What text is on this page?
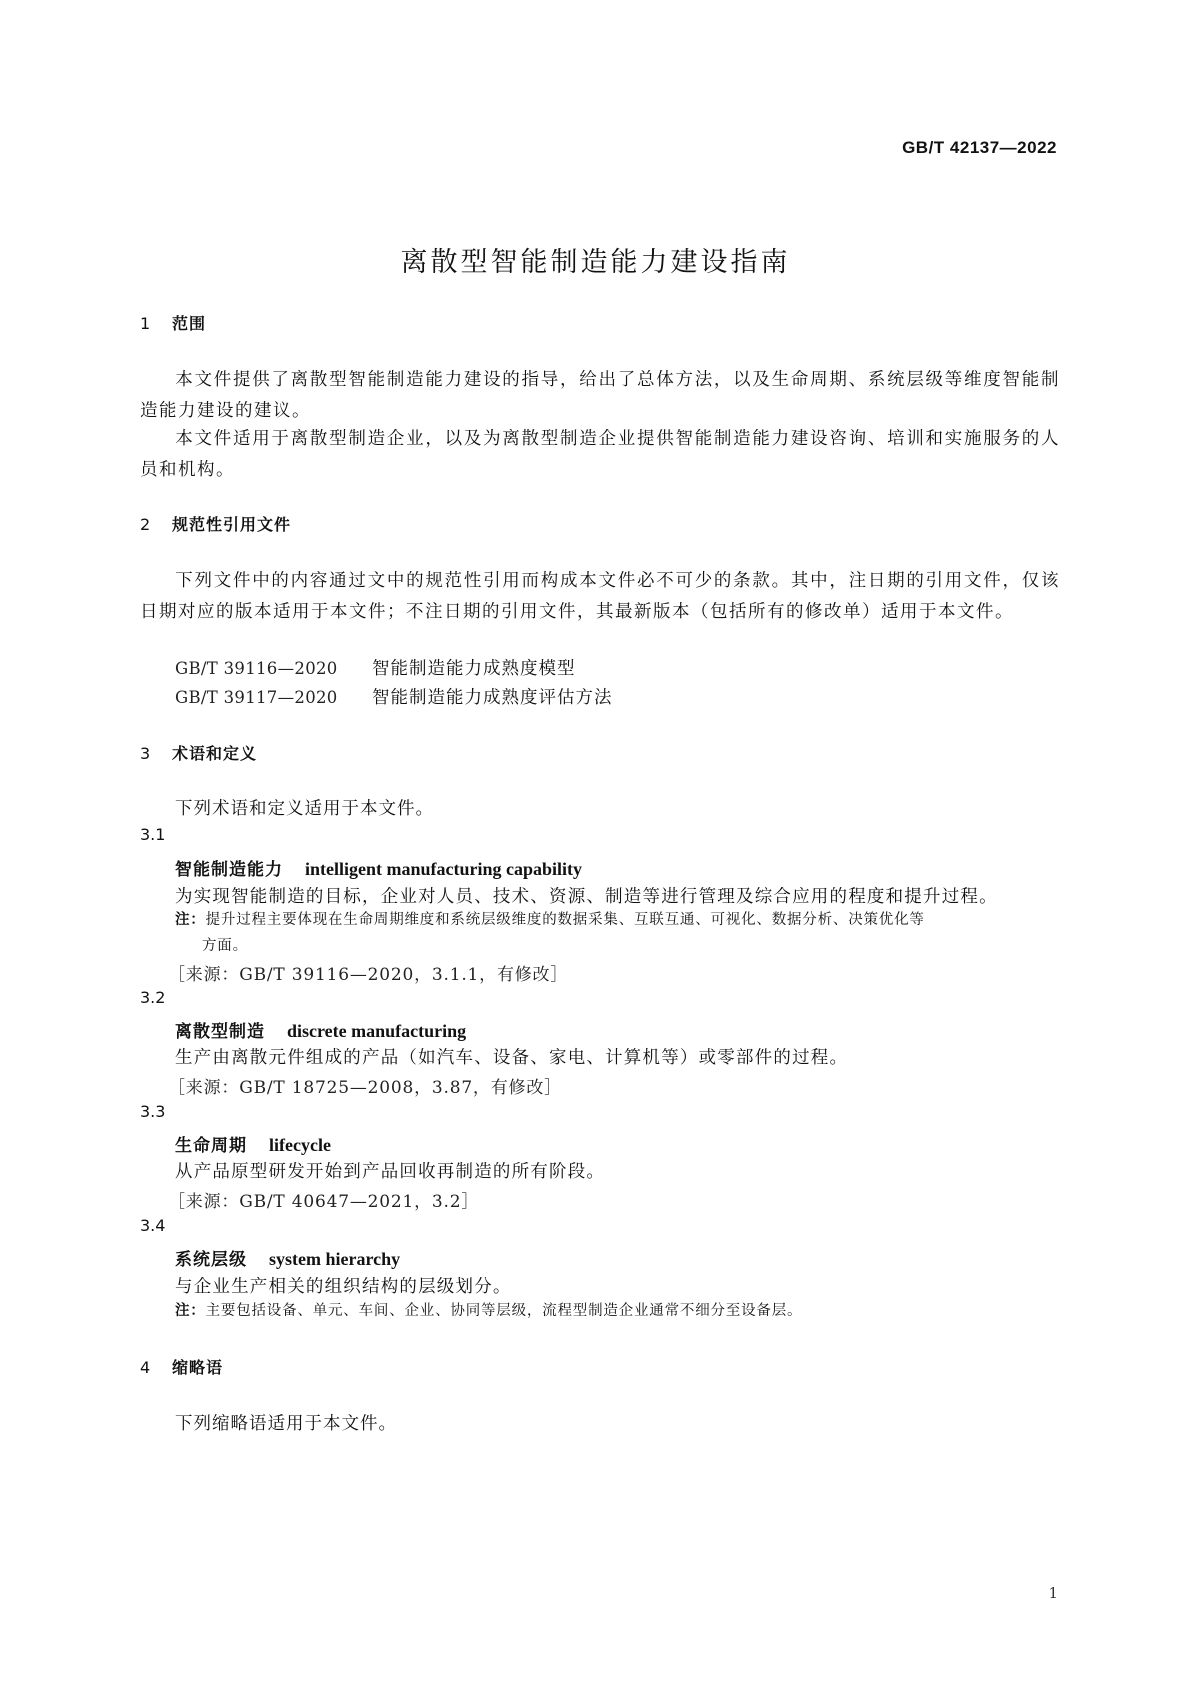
GB/T 42137—2022
离散型智能制造能力建设指南
1 范围
本文件提供了离散型智能制造能力建设的指导，给出了总体方法，以及生命周期、系统层级等维度智能制造能力建设的建议。
本文件适用于离散型制造企业，以及为离散型制造企业提供智能制造能力建设咨询、培训和实施服务的人员和机构。
2 规范性引用文件
下列文件中的内容通过文中的规范性引用而构成本文件必不可少的条款。其中，注日期的引用文件，仅该日期对应的版本适用于本文件；不注日期的引用文件，其最新版本（包括所有的修改单）适用于本文件。
GB/T 39116—2020 智能制造能力成熟度模型
GB/T 39117—2020 智能制造能力成熟度评估方法
3 术语和定义
下列术语和定义适用于本文件。
3.1
智能制造能力 intelligent manufacturing capability
为实现智能制造的目标，企业对人员、技术、资源、制造等进行管理及综合应用的程度和提升过程。
注：提升过程主要体现在生命周期维度和系统层级维度的数据采集、互联互通、可视化、数据分析、决策优化等
方面。
［来源：GB/T 39116—2020，3.1.1，有修改］
3.2
离散型制造 discrete manufacturing
生产由离散元件组成的产品（如汽车、设备、家电、计算机等）或零部件的过程。
［来源：GB/T 18725—2008，3.87，有修改］
3.3
生命周期 lifecycle
从产品原型研发开始到产品回收再制造的所有阶段。
［来源：GB/T 40647—2021，3.2］
3.4
系统层级 system hierarchy
与企业生产相关的组织结构的层级划分。
注：主要包括设备、单元、车间、企业、协同等层级，流程型制造企业通常不细分至设备层。
4 缩略语
下列缩略语适用于本文件。
1
